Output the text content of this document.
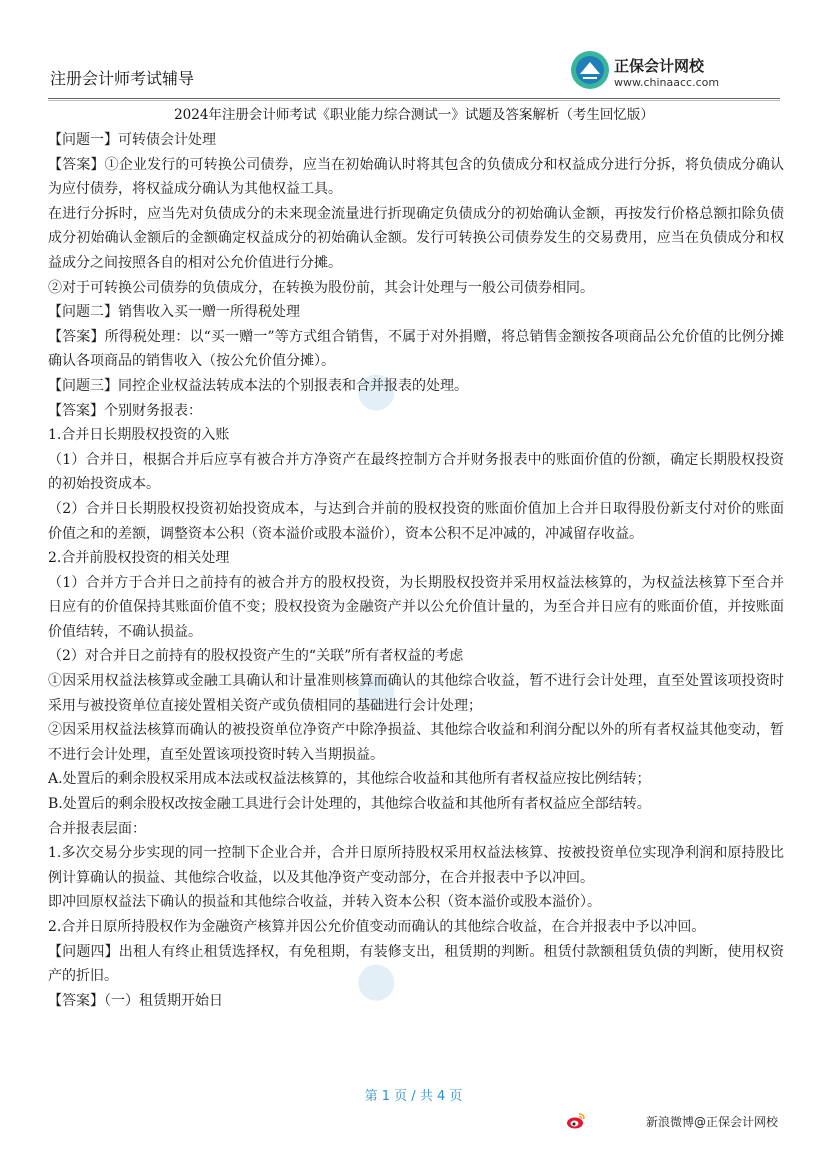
注册会计师考试辅导
正保会计网校
www.chinaacc.com
2024年注册会计师考试《职业能力综合测试一》试题及答案解析（考生回忆版）

【问题一】可转债会计处理

【答案】①企业发行的可转换公司债券，应当在初始确认时将其包含的负债成分和权益成分进行分拆，将负债成分确认为应付债券，将权益成分确认为其他权益工具。

在进行分拆时，应当先对负债成分的未来现金流量进行折现确定负债成分的初始确认金额，再按发行价格总额扣除负债成分初始确认金额后的金额确定权益成分的初始确认金额。发行可转换公司债券发生的交易费用，应当在负债成分和权益成分之间按照各自的相对公允价值进行分摊。

②对于可转换公司债券的负债成分，在转换为股份前，其会计处理与一般公司债券相同。

【问题二】销售收入买一赠一所得税处理

【答案】所得税处理：以“买一赠一”等方式组合销售，不属于对外捐赠，将总销售金额按各项商品公允价值的比例分摊确认各项商品的销售收入（按公允价值分摊）。

【问题三】同控企业权益法转成本法的个别报表和合并报表的处理。

【答案】个别财务报表：

1.合并日长期股权投资的入账

（1）合并日，根据合并后应享有被合并方净资产在最终控制方合并财务报表中的账面价值的份额，确定长期股权投资的初始投资成本。

（2）合并日长期股权投资初始投资成本，与达到合并前的股权投资的账面价值加上合并日取得股份新支付对价的账面价值之和的差额，调整资本公积（资本溢价或股本溢价），资本公积不足冲减的，冲减留存收益。

2.合并前股权投资的相关处理

（1）合并方于合并日之前持有的被合并方的股权投资，为长期股权投资并采用权益法核算的，为权益法核算下至合并日应有的价值保持其账面价值不变；股权投资为金融资产并以公允价值计量的，为至合并日应有的账面价值，并按账面价值结转，不确认损益。

（2）对合并日之前持有的股权投资产生的“关联”所有者权益的考虑

①因采用权益法核算或金融工具确认和计量准则核算而确认的其他综合收益，暂不进行会计处理，直至处置该项投资时采用与被投资单位直接处置相关资产或负债相同的基础进行会计处理；

②因采用权益法核算而确认的被投资单位净资产中除净损益、其他综合收益和利润分配以外的所有者权益其他变动，暂不进行会计处理，直至处置该项投资时转入当期损益。

A.处置后的剩余股权采用成本法或权益法核算的，其他综合收益和其他所有者权益应按比例结转；

B.处置后的剩余股权改按金融工具进行会计处理的，其他综合收益和其他所有者权益应全部结转。

合并报表层面：

1.多次交易分步实现的同一控制下企业合并，合并日原所持股权采用权益法核算、按被投资单位实现净利润和原持股比例计算确认的损益、其他综合收益，以及其他净资产变动部分，在合并报表中予以冲回。

即冲回原权益法下确认的损益和其他综合收益，并转入资本公积（资本溢价或股本溢价）。

2.合并日原所持股权作为金融资产核算并因公允价值变动而确认的其他综合收益，在合并报表中予以冲回。

【问题四】出租人有终止租赁选择权，有免租期，有装修支出，租赁期的判断。租赁付款额租赁负债的判断，使用权资产的折旧。

【答案】（一）租赁期开始日

第 1 页 / 共 4 页
新浪微博@正保会计网校
